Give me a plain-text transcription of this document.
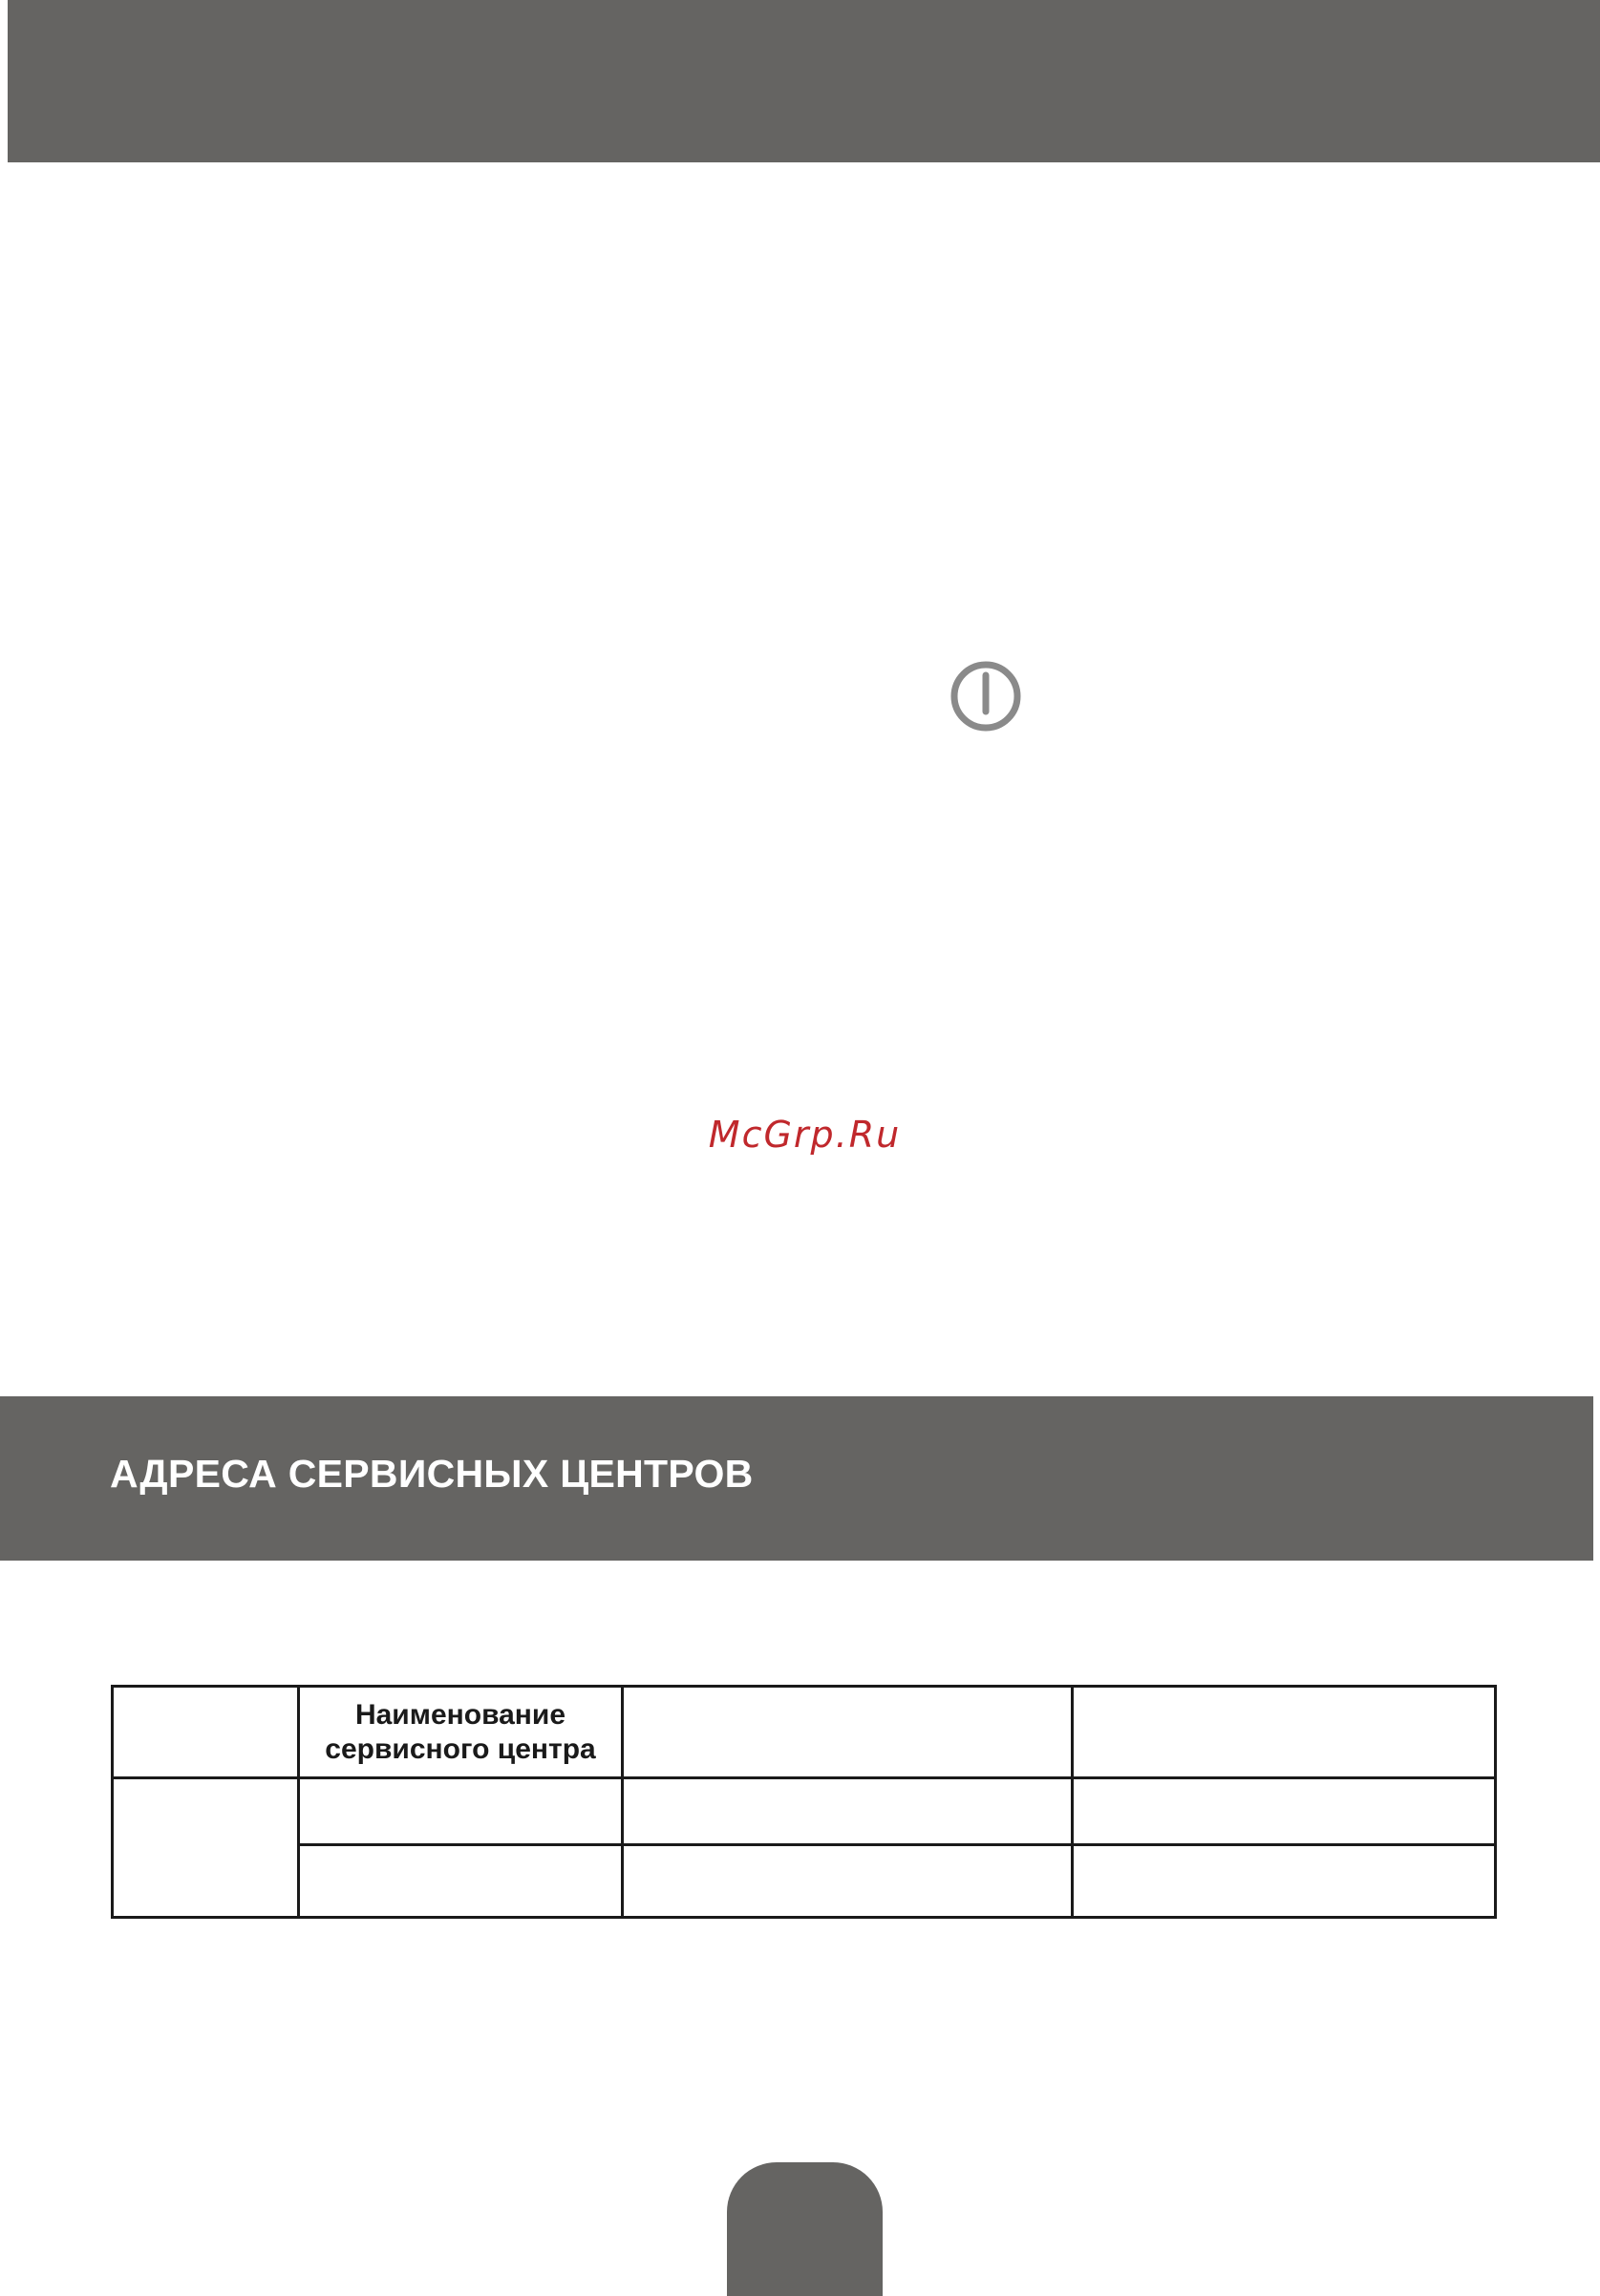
McGrp.Ru
АДРЕСА СЕРВИСНЫХ ЦЕНТРОВ
	Наименование
сервисного центра		
